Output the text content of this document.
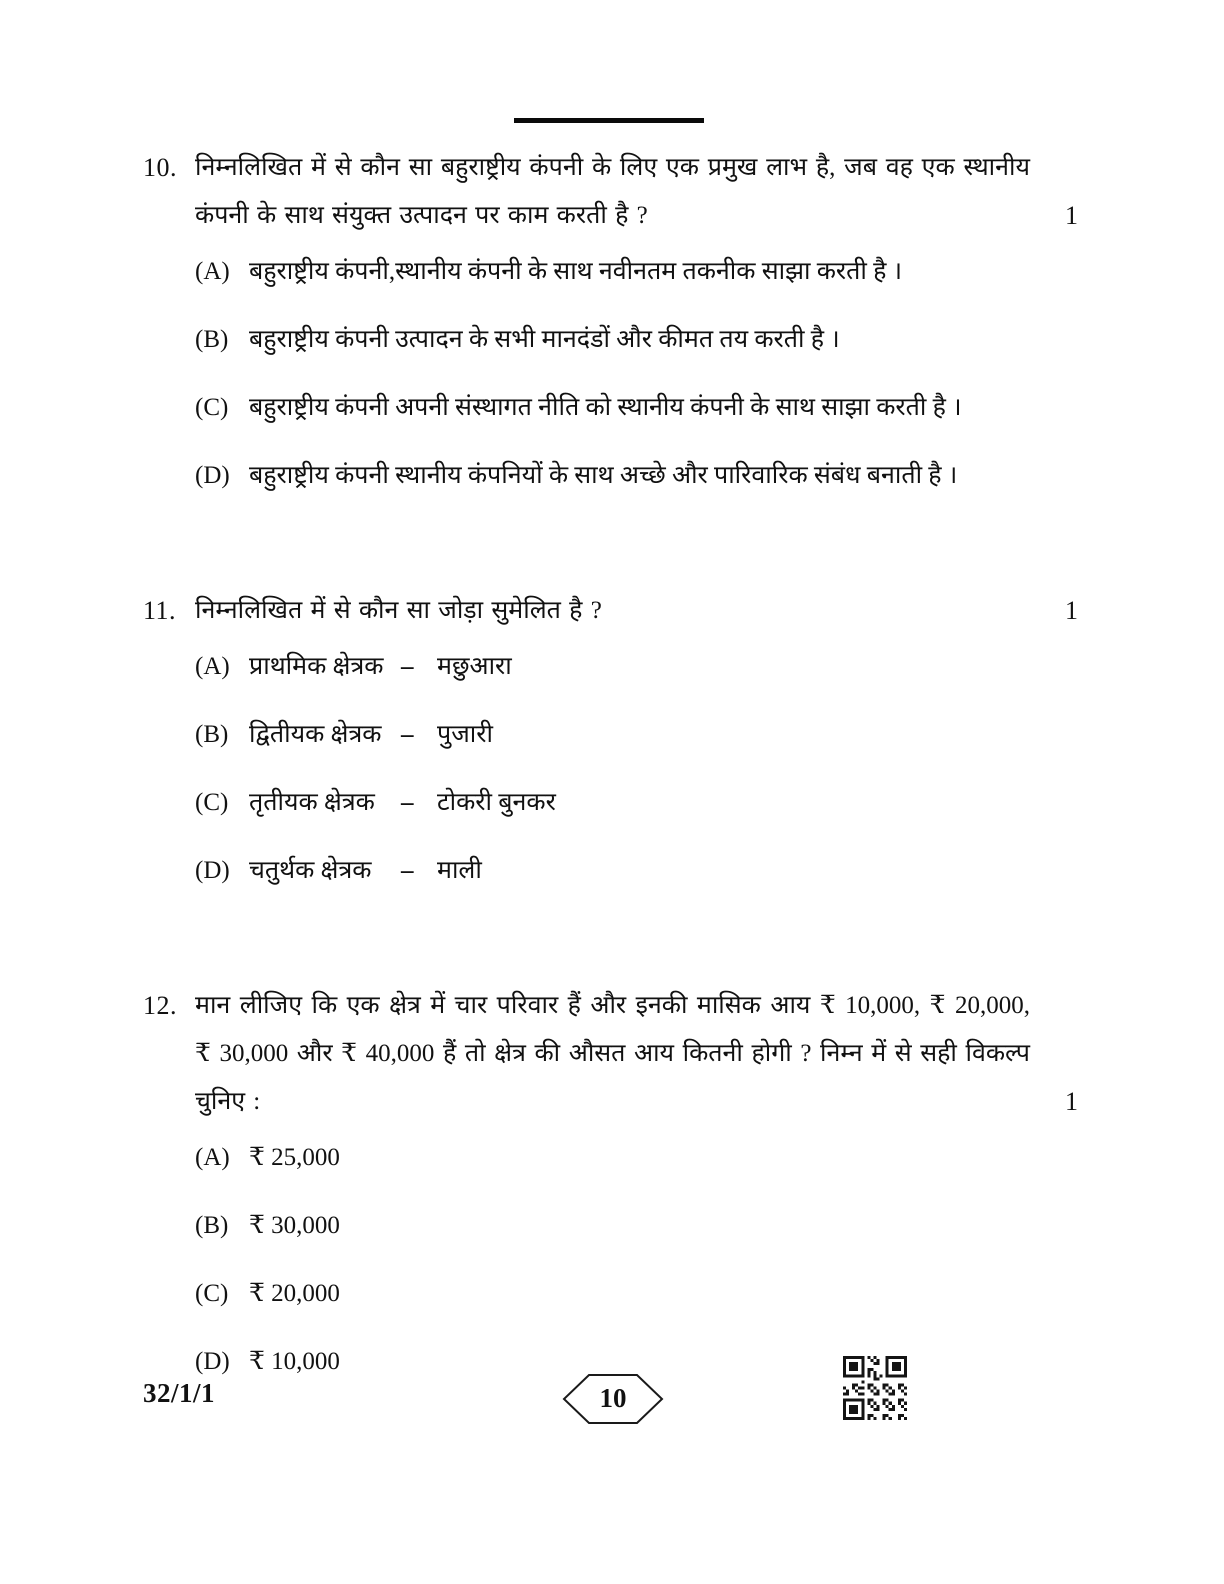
10. निम्नलिखित में से कौन सा बहुराष्ट्रीय कंपनी के लिए एक प्रमुख लाभ है, जब वह एक स्थानीय कंपनी के साथ संयुक्त उत्पादन पर काम करती है ?	1
(A) बहुराष्ट्रीय कंपनी,स्थानीय कंपनी के साथ नवीनतम तकनीक साझा करती है ।
(B) बहुराष्ट्रीय कंपनी उत्पादन के सभी मानदंडों और कीमत तय करती है ।
(C) बहुराष्ट्रीय कंपनी अपनी संस्थागत नीति को स्थानीय कंपनी के साथ साझा करती है ।
(D) बहुराष्ट्रीय कंपनी स्थानीय कंपनियों के साथ अच्छे और पारिवारिक संबंध बनाती है ।
11. निम्नलिखित में से कौन सा जोड़ा सुमेलित है ?	1
(A) प्राथमिक क्षेत्रक – मछुआरा
(B) द्वितीयक क्षेत्रक – पुजारी
(C) तृतीयक क्षेत्रक	– टोकरी बुनकर
(D) चतुर्थक क्षेत्रक	– माली
12. मान लीजिए कि एक क्षेत्र में चार परिवार हैं और इनकी मासिक आय ₹ 10,000, ₹ 20,000, ₹ 30,000 और ₹ 40,000 हैं तो क्षेत्र की औसत आय कितनी होगी ? निम्न में से सही विकल्प चुनिए :	1
(A) ₹ 25,000
(B) ₹ 30,000
(C) ₹ 20,000
(D) ₹ 10,000
32/1/1	10
